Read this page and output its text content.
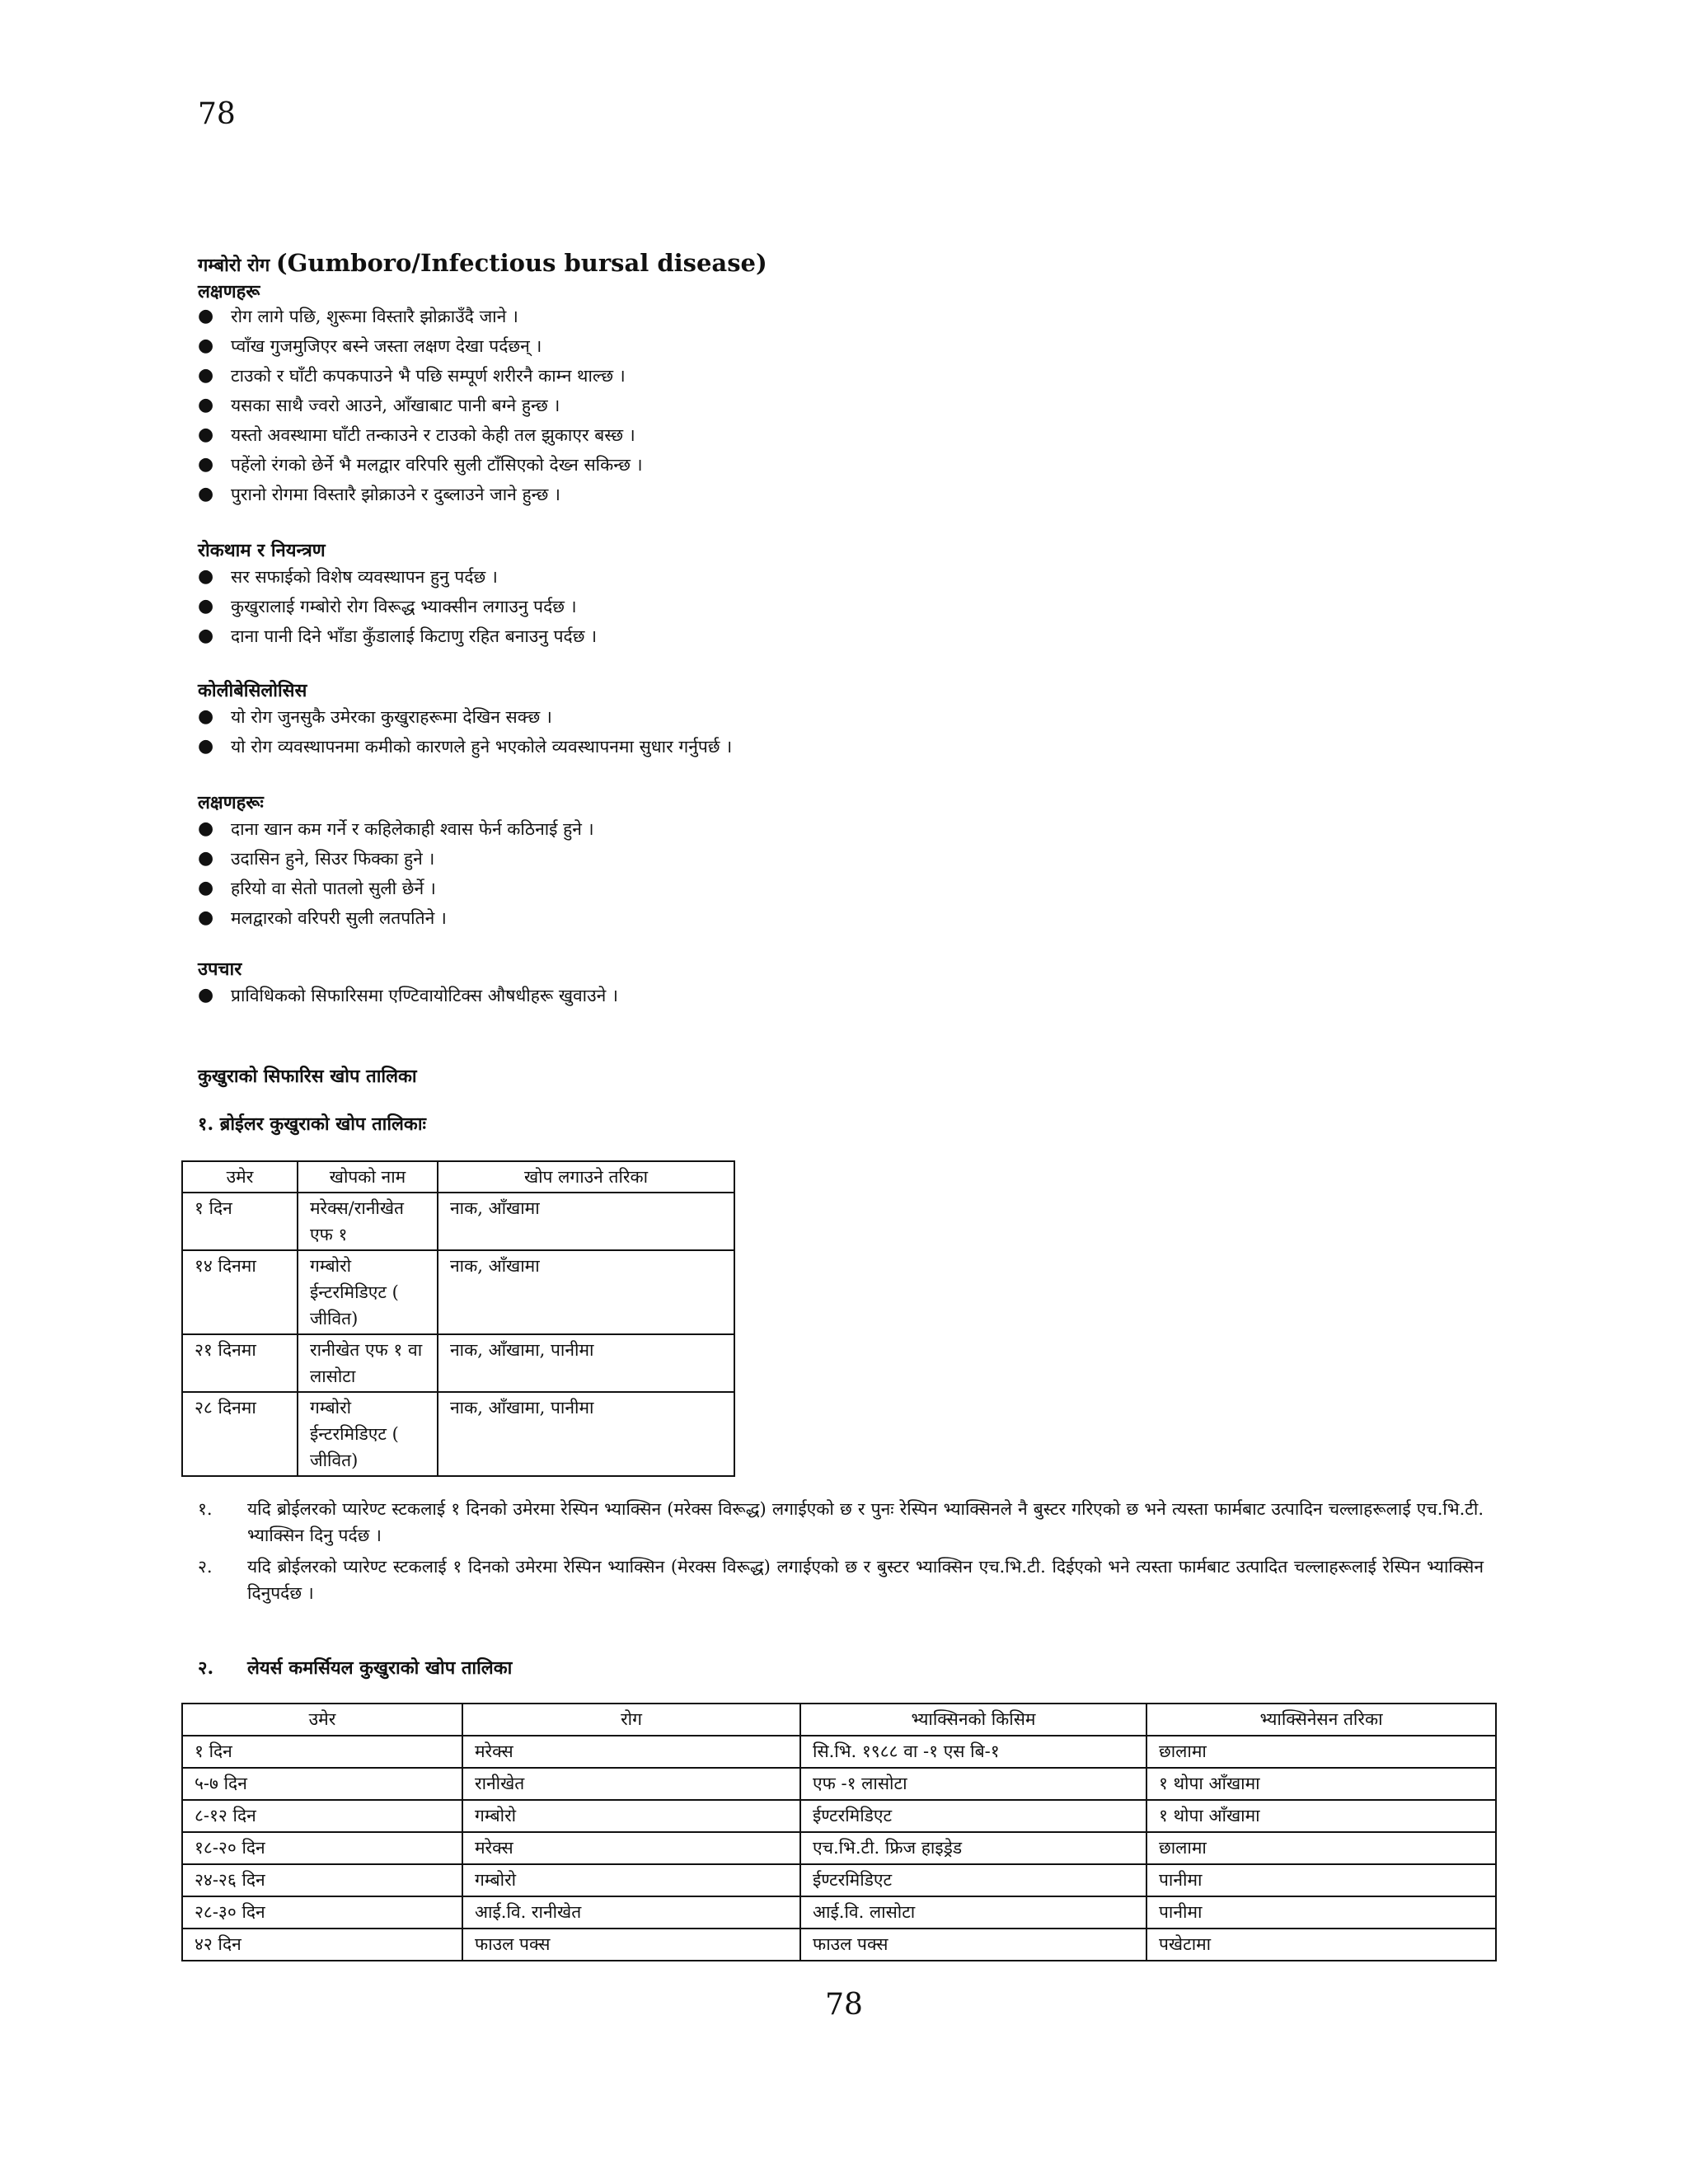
78
गम्बोरो रोग (Gumboro/Infectious bursal disease)
लक्षणहरू
● रोग लागे पछि, शुरूमा विस्तारै झोक्राउँदै जाने ।
● प्वाँख गुजमुजिएर बस्ने जस्ता लक्षण देखा पर्दछन् ।
● टाउको र घाँटी कपकपाउने भै पछि सम्पूर्ण शरीरनै काम्न थाल्छ ।
● यसका साथै ज्वरो आउने, आँखाबाट पानी बग्ने हुन्छ ।
● यस्तो अवस्थामा घाँटी तन्काउने र टाउको केही तल झुकाएर बस्छ ।
● पहेंलो रंगको छेर्ने भै मलद्वार वरिपरि सुली टाँसिएको देख्न सकिन्छ ।
● पुरानो रोगमा विस्तारै झोक्राउने र दुब्लाउने जाने हुन्छ ।
रोकथाम र नियन्त्रण
● सर सफाईको विशेष व्यवस्थापन हुनु पर्दछ ।
● कुखुरालाई गम्बोरो रोग विरूद्ध भ्याक्सीन लगाउनु पर्दछ ।
● दाना पानी दिने भाँडा कुँडालाई किटाणु रहित बनाउनु पर्दछ ।
कोलीबेसिलोसिस
● यो रोग जुनसुकै उमेरका कुखुराहरूमा देखिन सक्छ ।
● यो रोग व्यवस्थापनमा कमीको कारणले हुने भएकोले व्यवस्थापनमा सुधार गर्नुपर्छ ।
लक्षणहरूः
● दाना खान कम गर्ने र कहिलेकाही श्वास फेर्न कठिनाई हुने ।
● उदासिन हुने, सिउर फिक्का हुने ।
● हरियो वा सेतो पातलो सुली छेर्ने ।
● मलद्वारको वरिपरी सुली लतपतिने ।
उपचार
● प्राविधिकको सिफारिसमा एण्टिवायोटिक्स औषधीहरू खुवाउने ।
कुखुराको सिफारिस खोप तालिका
१. ब्रोईलर कुखुराको खोप तालिकाः
उमेर	खोपको नाम	खोप लगाउने तरिका
१ दिन	मरेक्स/रानीखेत एफ १	नाक, आँखामा
१४ दिनमा	गम्बोरो ईन्टरमिडिएट ( जीवित)	नाक, आँखामा
२१ दिनमा	रानीखेत एफ १ वा लासोटा	नाक, आँखामा, पानीमा
२८ दिनमा	गम्बोरो ईन्टरमिडिएट ( जीवित)	नाक, आँखामा, पानीमा
१. यदि ब्रोईलरको प्यारेण्ट स्टकलाई १ दिनको उमेरमा रेस्पिन भ्याक्सिन (मरेक्स विरूद्ध) लगाईएको छ र पुनः रेस्पिन भ्याक्सिनले नै बुस्टर गरिएको छ भने त्यस्ता फार्मबाट उत्पादिन चल्लाहरूलाई एच.भि.टी. भ्याक्सिन दिनु पर्दछ ।
२. यदि ब्रोईलरको प्यारेण्ट स्टकलाई १ दिनको उमेरमा रेस्पिन भ्याक्सिन (मेरक्स विरूद्ध) लगाईएको छ र बुस्टर भ्याक्सिन एच.भि.टी. दिईएको भने त्यस्ता फार्मबाट उत्पादित चल्लाहरूलाई रेस्पिन भ्याक्सिन दिनुपर्दछ ।
२. लेयर्स कमर्सियल कुखुराको खोप तालिका
उमेर	रोग	भ्याक्सिनको किसिम	भ्याक्सिनेसन तरिका
१ दिन	मरेक्स	सि.भि. १९८८ वा -१ एस बि-१	छालामा
५-७ दिन	रानीखेत	एफ -१ लासोटा	१ थोपा आँखामा
८-१२ दिन	गम्बोरो	ईण्टरमिडिएट	१ थोपा आँखामा
१८-२० दिन	मरेक्स	एच.भि.टी. फ्रिज हाइड्रेड	छालामा
२४-२६ दिन	गम्बोरो	ईण्टरमिडिएट	पानीमा
२८-३० दिन	आई.वि. रानीखेत	आई.वि. लासोटा	पानीमा
४२ दिन	फाउल पक्स	फाउल पक्स	पखेटामा
78
